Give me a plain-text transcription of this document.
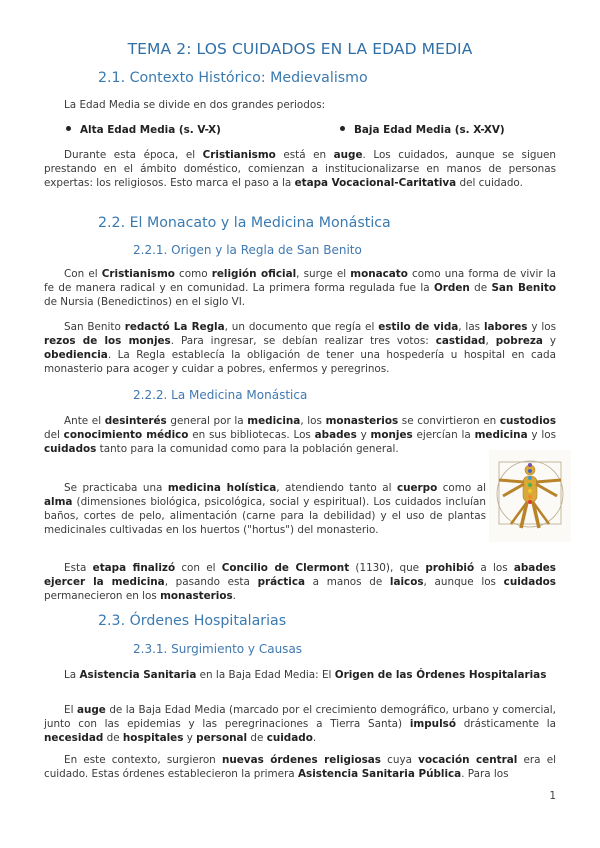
TEMA 2: LOS CUIDADOS EN LA EDAD MEDIA
2.1. Contexto Histórico: Medievalismo

La Edad Media se divide en dos grandes periodos:

Alta Edad Media (s. V-X)	Baja Edad Media (s. X-XV)

Durante esta época, el Cristianismo está en auge. Los cuidados, aunque se siguen prestando en el ámbito doméstico, comienzan a institucionalizarse en manos de personas expertas: los religiosos. Esto marca el paso a la etapa Vocacional-Caritativa del cuidado.

2.2. El Monacato y la Medicina Monástica
2.2.1. Origen y la Regla de San Benito

Con el Cristianismo como religión oficial, surge el monacato como una forma de vivir la fe de manera radical y en comunidad. La primera forma regulada fue la Orden de San Benito de Nursia (Benedictinos) en el siglo VI.

San Benito redactó La Regla, un documento que regía el estilo de vida, las labores y los rezos de los monjes. Para ingresar, se debían realizar tres votos: castidad, pobreza y obediencia. La Regla establecía la obligación de tener una hospedería u hospital en cada monasterio para acoger y cuidar a pobres, enfermos y peregrinos.

2.2.2. La Medicina Monástica

Ante el desinterés general por la medicina, los monasterios se convirtieron en custodios del conocimiento médico en sus bibliotecas. Los abades y monjes ejercían la medicina y los cuidados tanto para la comunidad como para la población general.

Se practicaba una medicina holística, atendiendo tanto al cuerpo como al alma (dimensiones biológica, psicológica, social y espiritual). Los cuidados incluían baños, cortes de pelo, alimentación (carne para la debilidad) y el uso de plantas medicinales cultivadas en los huertos ("hortus") del monasterio.

Esta etapa finalizó con el Concilio de Clermont (1130), que prohibió a los abades ejercer la medicina, pasando esta práctica a manos de laicos, aunque los cuidados permanecieron en los monasterios.

2.3. Órdenes Hospitalarias
2.3.1. Surgimiento y Causas

La Asistencia Sanitaria en la Baja Edad Media: El Origen de las Órdenes Hospitalarias

El auge de la Baja Edad Media (marcado por el crecimiento demográfico, urbano y comercial, junto con las epidemias y las peregrinaciones a Tierra Santa) impulsó drásticamente la necesidad de hospitales y personal de cuidado.

En este contexto, surgieron nuevas órdenes religiosas cuya vocación central era el cuidado. Estas órdenes establecieron la primera Asistencia Sanitaria Pública. Para los

1
